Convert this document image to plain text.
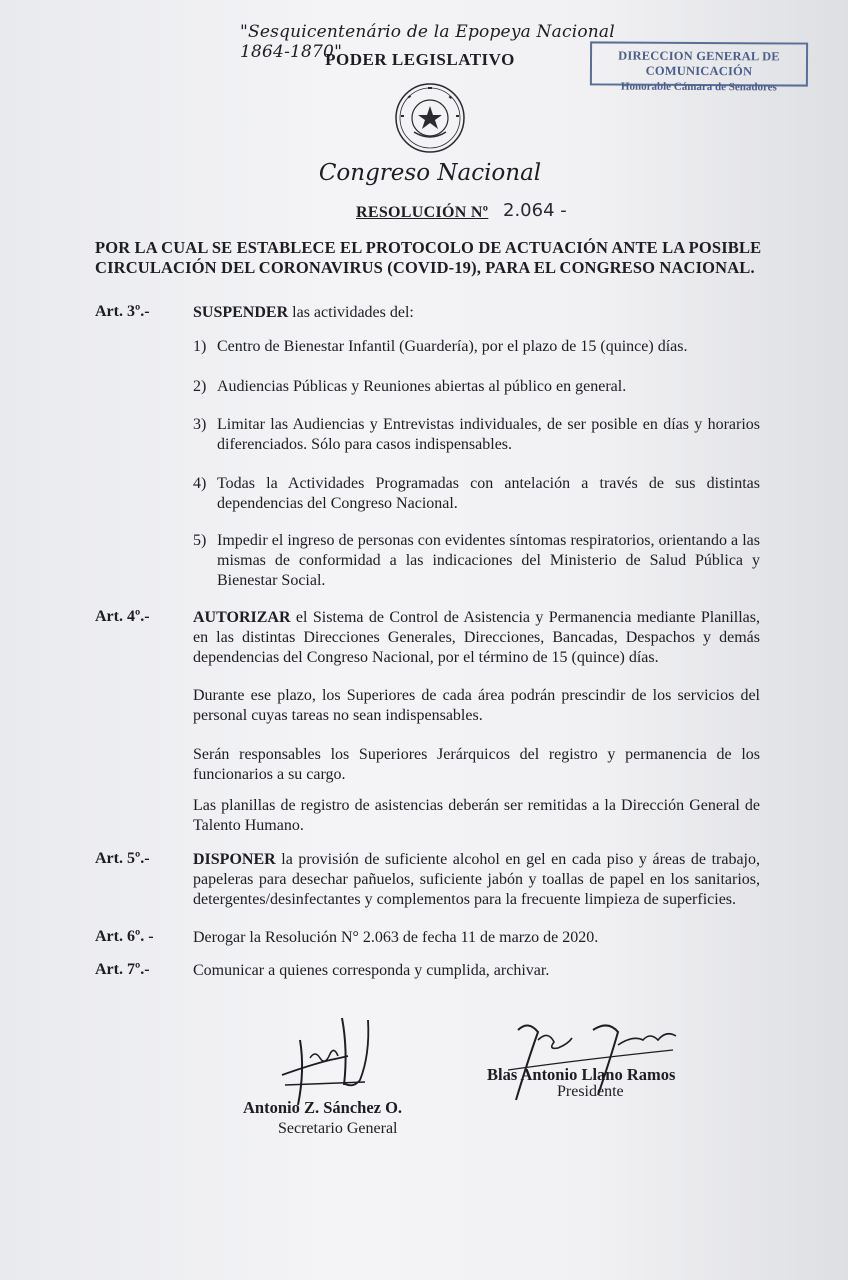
"Sesquicentenário de la Epopeya Nacional 1864-1870"
PODER LEGISLATIVO	DIRECCION GENERAL DE COMUNICACIÓN
Honorable Cámara de Senadores
Congreso Nacional
RESOLUCIÓN Nº 2.064 -
POR LA CUAL SE ESTABLECE EL PROTOCOLO DE ACTUACIÓN ANTE LA POSIBLE CIRCULACIÓN DEL CORONAVIRUS (COVID-19), PARA EL CONGRESO NACIONAL.
Art. 3º.-	SUSPENDER las actividades del:
1) Centro de Bienestar Infantil (Guardería), por el plazo de 15 (quince) días.
2) Audiencias Públicas y Reuniones abiertas al público en general.
3) Limitar las Audiencias y Entrevistas individuales, de ser posible en días y horarios diferenciados. Sólo para casos indispensables.
4) Todas la Actividades Programadas con antelación a través de sus distintas dependencias del Congreso Nacional.
5) Impedir el ingreso de personas con evidentes síntomas respiratorios, orientando a las mismas de conformidad a las indicaciones del Ministerio de Salud Pública y Bienestar Social.
Art. 4º.-	AUTORIZAR el Sistema de Control de Asistencia y Permanencia mediante Planillas, en las distintas Direcciones Generales, Direcciones, Bancadas, Despachos y demás dependencias del Congreso Nacional, por el término de 15 (quince) días.
Durante ese plazo, los Superiores de cada área podrán prescindir de los servicios del personal cuyas tareas no sean indispensables.
Serán responsables los Superiores Jerárquicos del registro y permanencia de los funcionarios a su cargo.
Las planillas de registro de asistencias deberán ser remitidas a la Dirección General de Talento Humano.
Art. 5º.-	DISPONER la provisión de suficiente alcohol en gel en cada piso y áreas de trabajo, papeleras para desechar pañuelos, suficiente jabón y toallas de papel en los sanitarios, detergentes/desinfectantes y complementos para la frecuente limpieza de superficies.
Art. 6º. - Derogar la Resolución N° 2.063 de fecha 11 de marzo de 2020.
Art. 7º.-	Comunicar a quienes corresponda y cumplida, archivar.
Antonio Z. Sánchez O.
Secretario General
Blas Antonio Llano Ramos
Presidente
